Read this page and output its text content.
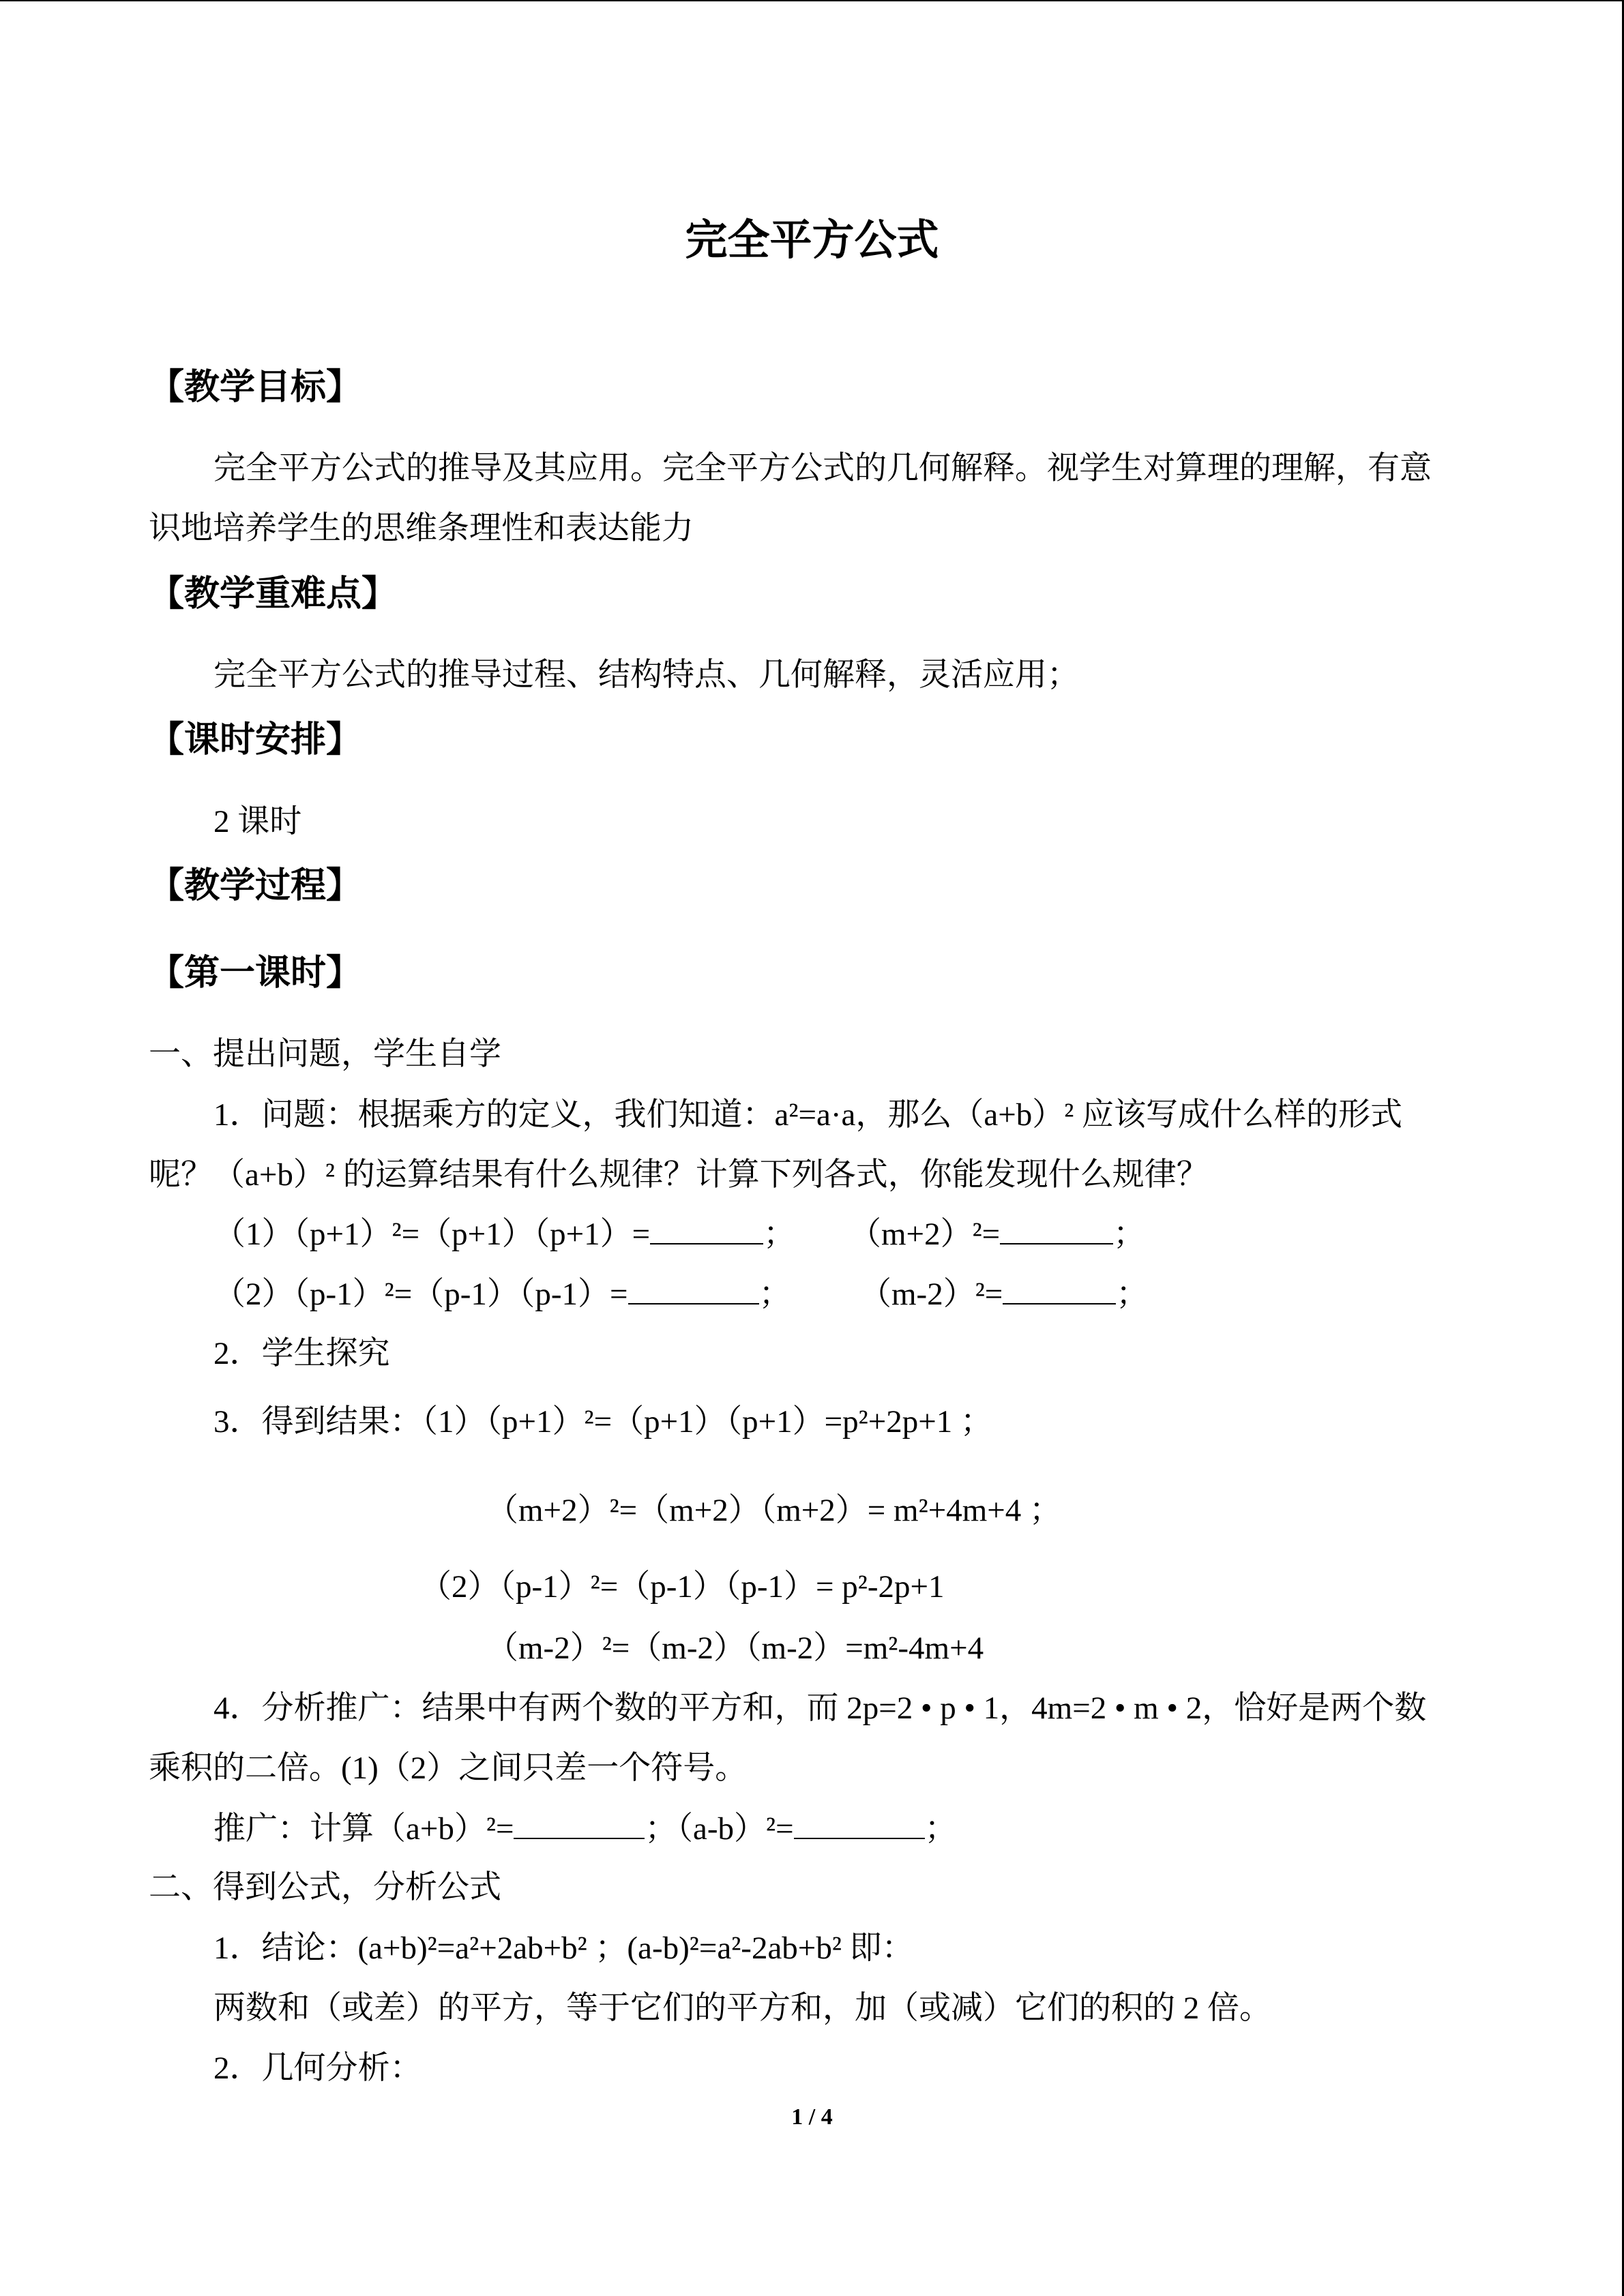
完全平方公式
【教学目标】
完全平方公式的推导及其应用。完全平方公式的几何解释。视学生对算理的理解，有意
识地培养学生的思维条理性和表达能力
【教学重难点】
完全平方公式的推导过程、结构特点、几何解释，灵活应用；
【课时安排】
2 课时
【教学过程】
【第一课时】
一、提出问题，学生自学
1．问题：根据乘方的定义，我们知道：a²=a·a，那么（a+b）² 应该写成什么样的形式
呢？（a+b）² 的运算结果有什么规律？计算下列各式，你能发现什么规律？
（1）（p+1）²=（p+1）（p+1）=	； （m+2）²=	；
（2）（p-1）²=（p-1）（p-1）=	； （m-2）²=	；
2．学生探究
3．得到结果：（1）（p+1）²=（p+1）（p+1）=p²+2p+1 ；
（m+2）²=（m+2）（m+2）= m²+4m+4 ；
（2）（p-1）²=（p-1）（p-1）= p²-2p+1
（m-2）²=（m-2）（m-2）=m²-4m+4
4．分析推广：结果中有两个数的平方和，而 2p=2 • p • 1，4m=2 • m • 2，恰好是两个数
乘积的二倍。(1)（2）之间只差一个符号。
推广：计算（a+b）²=	；（a-b）²=	；
二、得到公式，分析公式
1．结论：(a+b)²=a²+2ab+b² ；(a-b)²=a²-2ab+b² 即：
两数和（或差）的平方，等于它们的平方和，加（或减）它们的积的 2 倍。
2．几何分析：
1 / 4
